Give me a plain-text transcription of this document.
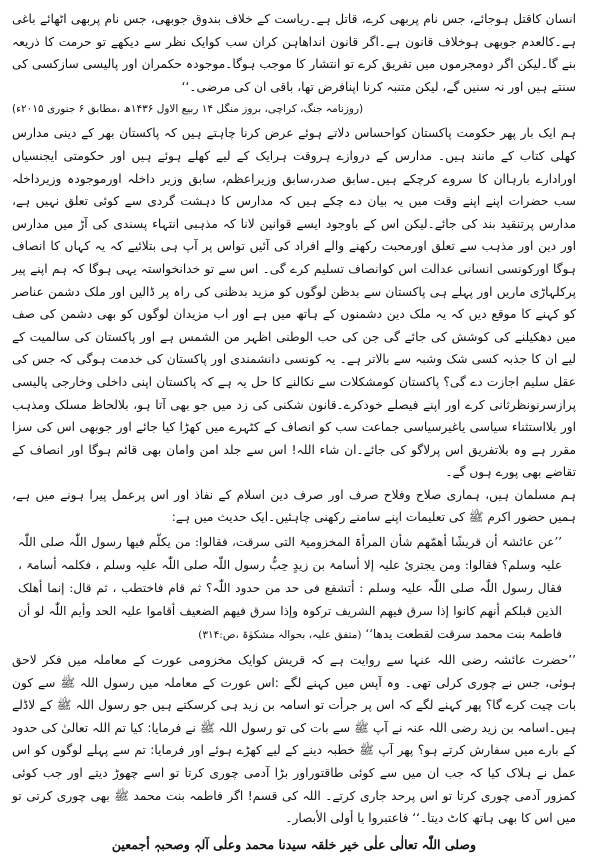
انسان کاقتل ہوجائے، جس نام پربھی کرے، قاتل ہے۔ریاست کے خلاف بندوق جوبھی، جس نام پربھی اٹھائے باغی ہے۔کالعدم جوبھی ہوخلاف قانون ہے۔اگر قانون انداھاہن کران سب کوایک نظر سے دیکھے تو حرمت کا ذریعہ بنے گا۔لیکن اگر دومجرموں میں تفریق کرے تو انتشار کا موجب ہوگا۔موجودہ حکمران اور پالیسی سازکسی کی سنتے ہیں اور نہ سنیں گے، لیکن متنبہ کرنا اپنافرض تھا، باقی ان کی مرضی۔‘‘

(روزنامہ جنگ، کراچی، بروز منگل ۱۴ ربیع الاول ۱۴۳۶ھ ،مطابق ۶ جنوری ۲۰۱۵ء)

ہم ایک بار پھر حکومت پاکستان کواحساس دلاتے ہوئے عرض کرنا چاہتے ہیں کہ پاکستان بھر کے دینی مدارس کھلی کتاب کے مانند ہیں۔ مدارس کے دروازے ہروقت ہرایک کے لیے کھلے ہوئے ہیں اور حکومتی ایجنسیاں اورادارے بارہاان کا سروے کرچکے ہیں۔سابق صدر،سابق وزیراعظم، سابق وزیر داخلہ اورموجودہ وزیرداخلہ سب حضرات اپنے اپنے وقت میں یہ بیان دے چکے ہیں کہ مدارس کا دہشت گردی سے کوئی تعلق نہیں ہے، مدارس پرتنقید بند کی جائے۔لیکن اس کے باوجود ایسے قوانین لانا کہ مذہبی انتہاء پسندی کی آڑ میں مدارس اور دین اور مذہب سے تعلق اورمحبت رکھنے والے افراد کی آئیں تواس پر آپ ہی بتلائیے کہ یہ کہاں کا انصاف ہوگا اورکونسی انسانی عدالت اس کوانصاف تسلیم کرے گی۔ اس سے تو خدانخواستہ یہی ہوگا کہ ہم اپنے پیر پرکلہاڑی ماریں اور پہلے ہی پاکستان سے بدظن لوگوں کو مزید بدظنی کی راہ پر ڈالیں اور ملک دشمن عناصر کو کہنے کا موقع دیں کہ یہ ملک دین دشمنوں کے ہاتھ میں ہے اور اب مزیدان لوگوں کو بھی دشمن کی صف میں دھکیلنے کی کوشش کی جائے گی جن کی حب الوطنی اظہر من الشمس ہے اور پاکستان کی سالمیت کے لیے ان کا جذبہ کسی شک وشبہ سے بالاتر ہے۔ یہ کونسی دانشمندی اور پاکستان کی خدمت ہوگی کہ جس کی عقل سلیم اجازت دے گی؟ پاکستان کومشکلات سے نکالنے کا حل یہ ہے کہ پاکستان اپنی داخلی وخارجی پالیسی پرازسرنونظرثانی کرے اور اپنے فیصلے خودکرے۔قانون شکنی کی زد میں جو بھی آتا ہو، بلالحاظ مسلک ومذہب اور بلااستثناء سیاسی یاغیرسیاسی جماعت سب کو انصاف کے کٹہرے میں کھڑا کیا جائے اور جوبھی اس کی سزا مقرر ہے وہ بلاتفریق اس پرلاگو کی جائے۔ان شاء اللہ! اس سے جلد امن وامان بھی قائم ہوگا اور انصاف کے تقاضے بھی پورے ہوں گے۔

ہم مسلمان ہیں، ہماری صلاح وفلاح صرف اور صرف دین اسلام کے نفاذ اور اس پرعمل پیرا ہونے میں ہے، ہمیں حضور اکرم ﷺ کی تعلیمات اپنے سامنے رکھنی چاہئیں۔ایک حدیث میں ہے:

’’عن عائشۃ أن قریشًا أھمّھم شأن المرأۃ المخزومیۃ التی سرقت، فقالوا: من یکلّم فیھا رسول اللّٰہ صلی اللّٰہ علیہ وسلم؟ فقالوا: ومن یجتریٔ علیہ إلا أسامۃ بن زیدٍ حِبُّ رسول اللّٰہ صلی اللّٰہ علیہ وسلم ، فکلمہ أسامۃ ، فقال رسول اللّٰہ صلی اللّٰہ علیہ وسلم : أتشفع فی حد من حدود اللّٰہ؟ ثم قام فاختطب ، ثم قال: إنما أھلک الذین قبلکم أنھم کانوا إذا سرق فیھم الشریف ترکوہ وإذا سرق فیھم الضعیف أقاموا علیہ الحد وأیم اللّٰہ لو أن فاطمۃ بنت محمد سرقت لقطعت یدھا‘‘ (متفق علیہ، بحوالہ مشکوٰۃ ،ص:۳۱۴)

’’حضرت عائشہ رضی اللہ عنہا سے روایت ہے کہ قریش کوایک مخزومی عورت کے معاملہ میں فکر لاحق ہوئی، جس نے چوری کرلی تھی۔ وہ آپس میں کہنے لگے :اس عورت کے معاملہ میں رسول اللہ ﷺ سے کون بات چیت کرے گا؟ پھر کہنے لگے کہ اس پر جرأت تو اسامہ بن زید ہی کرسکتے ہیں جو رسول اللہ ﷺ کے لاڈلے ہیں۔اسامہ بن زید رضی اللہ عنہ نے آپ ﷺ سے بات کی تو رسول اللہ ﷺ نے فرمایا: کیا تم اللہ تعالیٰ کی حدود کے بارے میں سفارش کرتے ہو؟ پھر آپ ﷺ خطبہ دینے کے لیے کھڑے ہوئے اور فرمایا: تم سے پہلے لوگوں کو اس عمل نے ہلاک کیا کہ جب ان میں سے کوئی طاقتوراور بڑا آدمی چوری کرتا تو اسے چھوڑ دیتے اور جب کوئی کمزور آدمی چوری کرتا تو اس پرحد جاری کرتے۔ اللہ کی قسم! اگر فاطمہ بنت محمد ﷺ بھی چوری کرتی تو میں اس کا بھی ہاتھ کاٹ دیتا۔‘‘ فاعتبروا یا أولی الأبصار۔

وصلی اللّٰہ تعالٰی علٰی خیر خلقہ سیدنا محمد وعلٰی آلہٖ وصحبہٖ أجمعین
